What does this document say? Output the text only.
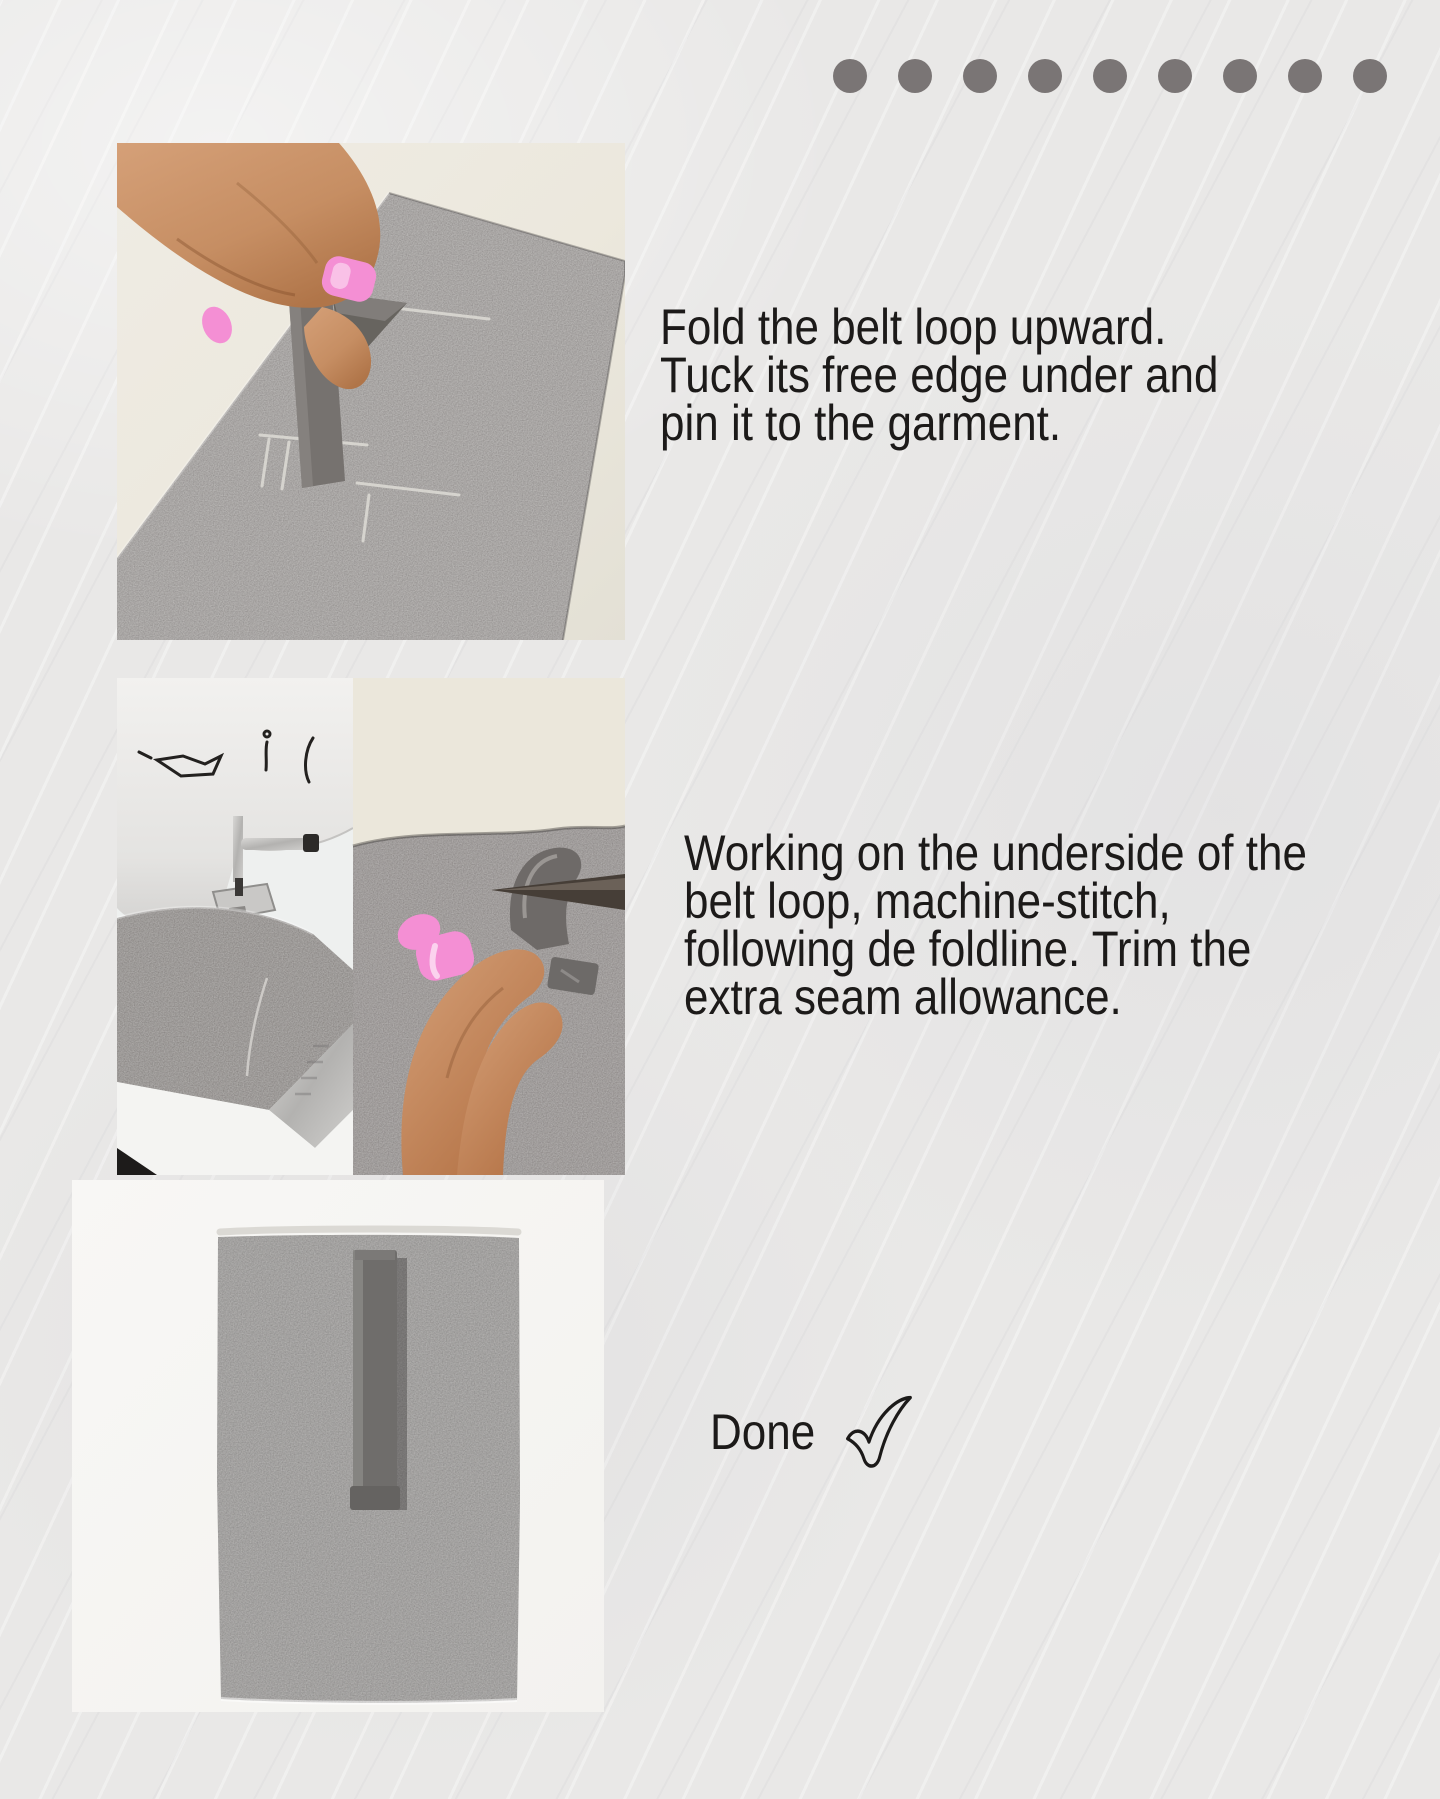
Fold the belt loop upward.
Tuck its free edge under and
pin it to the garment.
Working on the underside of the
belt loop, machine-stitch,
following de foldline. Trim the
extra seam allowance.
Done
